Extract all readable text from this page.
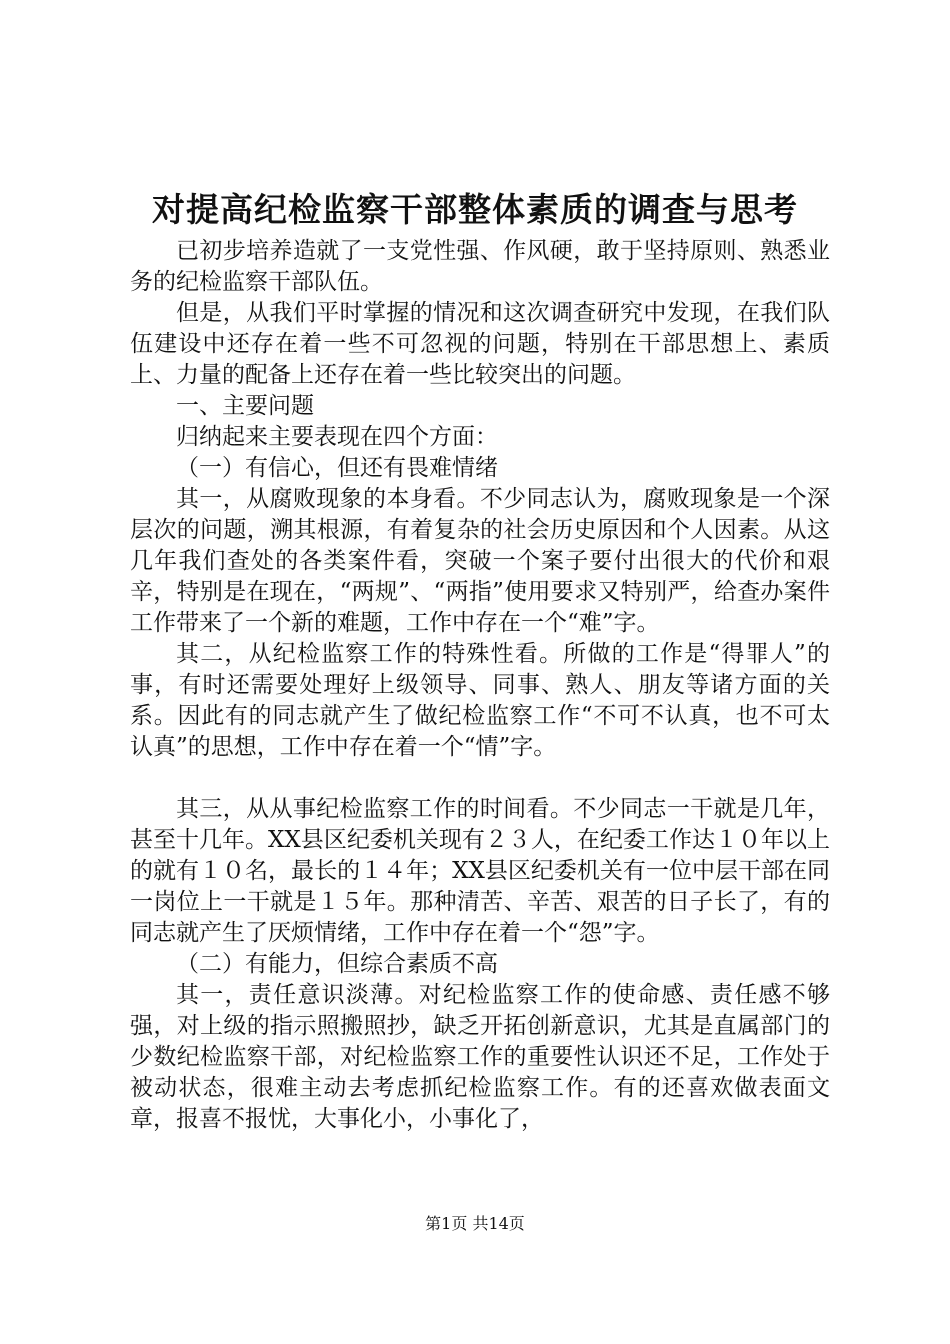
对提高纪检监察干部整体素质的调查与思考

已初步培养造就了一支党性强、作风硬，敢于坚持原则、熟悉业务的纪检监察干部队伍。

但是，从我们平时掌握的情况和这次调查研究中发现，在我们队伍建设中还存在着一些不可忽视的问题，特别在干部思想上、素质上、力量的配备上还存在着一些比较突出的问题。

一、主要问题

归纳起来主要表现在四个方面：

（一）有信心，但还有畏难情绪

其一，从腐败现象的本身看。不少同志认为，腐败现象是一个深层次的问题，溯其根源，有着复杂的社会历史原因和个人因素。从这几年我们查处的各类案件看，突破一个案子要付出很大的代价和艰辛，特别是在现在，“两规”、“两指”使用要求又特别严，给查办案件工作带来了一个新的难题，工作中存在一个“难”字。

其二，从纪检监察工作的特殊性看。所做的工作是“得罪人”的事，有时还需要处理好上级领导、同事、熟人、朋友等诸方面的关系。因此有的同志就产生了做纪检监察工作“不可不认真，也不可太认真”的思想，工作中存在着一个“情”字。

其三，从从事纪检监察工作的时间看。不少同志一干就是几年，甚至十几年。XX县区纪委机关现有２３人，在纪委工作达１０年以上的就有１０名，最长的１４年；XX县区纪委机关有一位中层干部在同一岗位上一干就是１５年。那种清苦、辛苦、艰苦的日子长了，有的同志就产生了厌烦情绪，工作中存在着一个“怨”字。

（二）有能力，但综合素质不高

其一，责任意识淡薄。对纪检监察工作的使命感、责任感不够强，对上级的指示照搬照抄，缺乏开拓创新意识，尤其是直属部门的少数纪检监察干部，对纪检监察工作的重要性认识还不足，工作处于被动状态，很难主动去考虑抓纪检监察工作。有的还喜欢做表面文章，报喜不报忧，大事化小，小事化了，

第1页 共14页
